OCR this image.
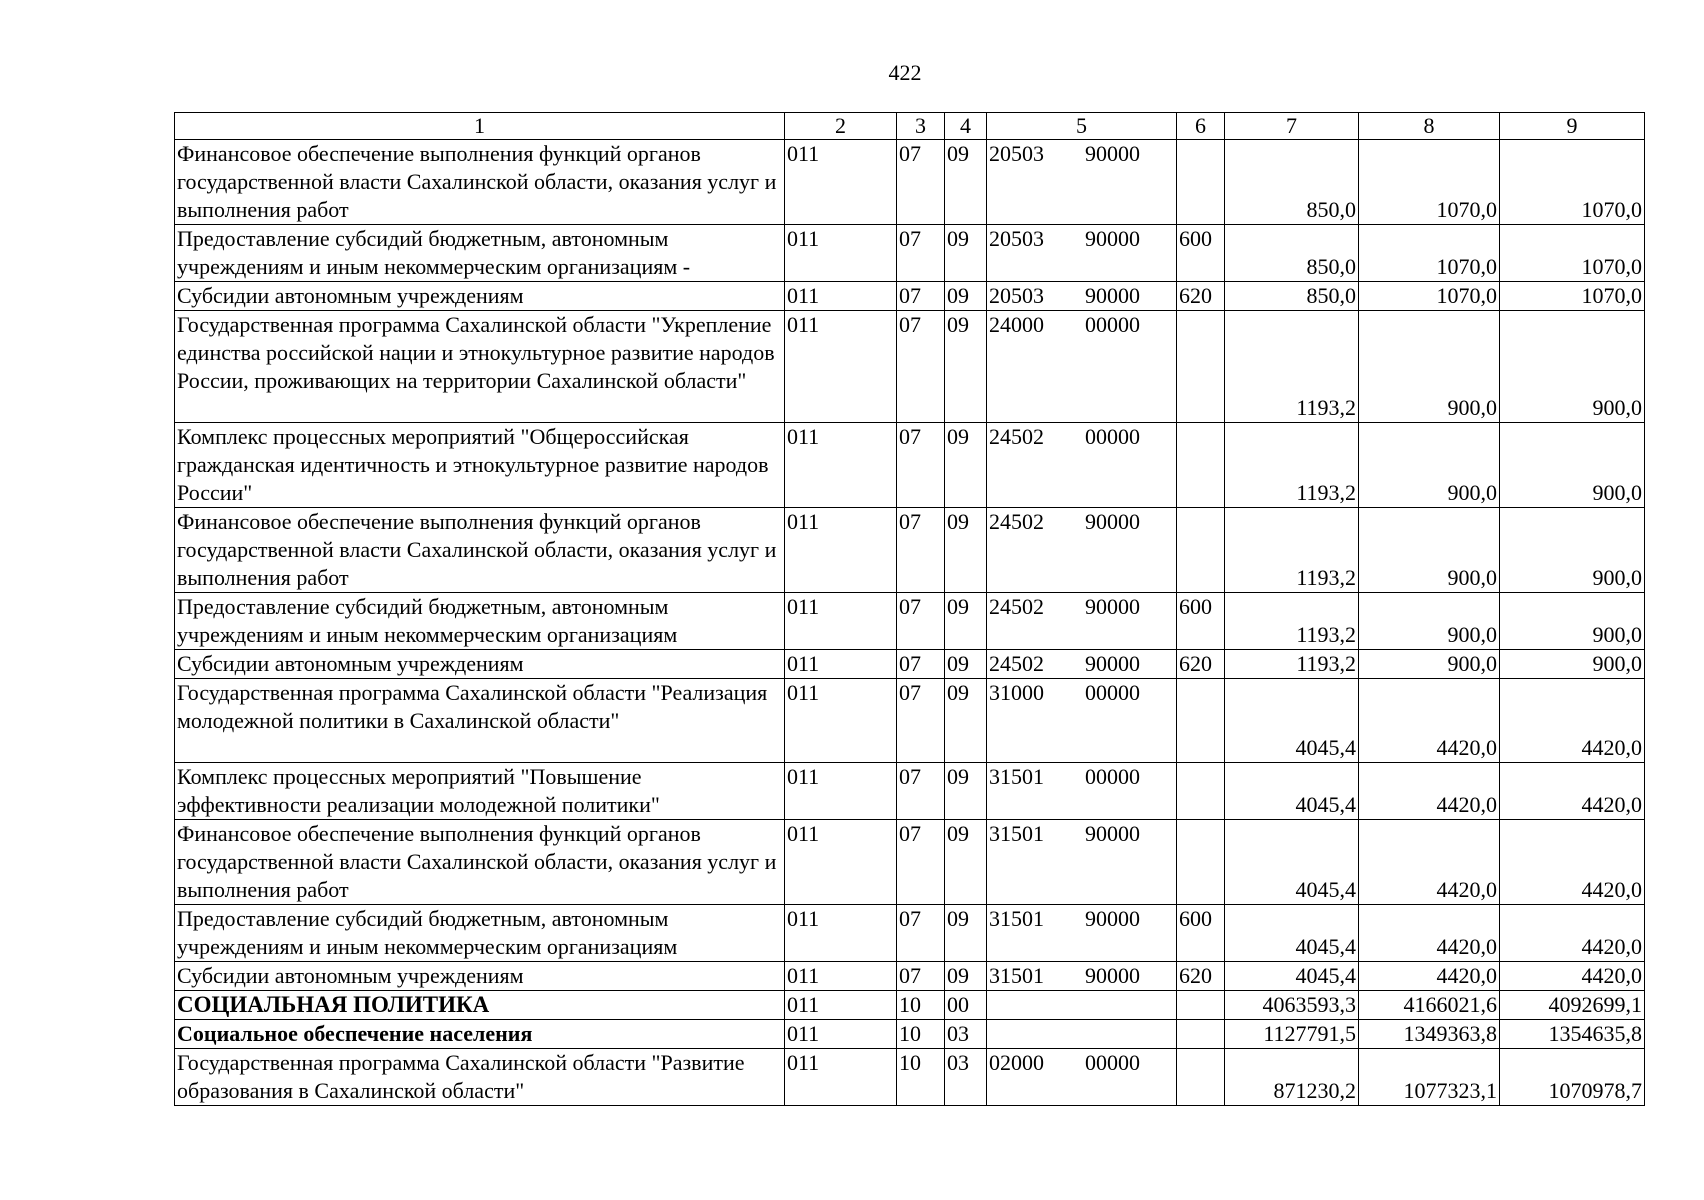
422
1	2	3	4	5	6	7	8	9
Финансовое обеспечение выполнения функций органов государственной власти Сахалинской области, оказания услуг и выполнения работ	011	07	09	20503 90000		850,0	1070,0	1070,0
Предоставление субсидий бюджетным, автономным учреждениям и иным некоммерческим организациям -	011	07	09	20503 90000	600	850,0	1070,0	1070,0
Субсидии автономным учреждениям	011	07	09	20503 90000	620	850,0	1070,0	1070,0
Государственная программа Сахалинской области "Укрепление единства российской нации и этнокультурное развитие народов России, проживающих на территории Сахалинской области"	011	07	09	24000 00000		1193,2	900,0	900,0
Комплекс процессных мероприятий "Общероссийская гражданская идентичность и этнокультурное развитие народов России"	011	07	09	24502 00000		1193,2	900,0	900,0
Финансовое обеспечение выполнения функций органов государственной власти Сахалинской области, оказания услуг и выполнения работ	011	07	09	24502 90000		1193,2	900,0	900,0
Предоставление субсидий бюджетным, автономным учреждениям и иным некоммерческим организациям	011	07	09	24502 90000	600	1193,2	900,0	900,0
Субсидии автономным учреждениям	011	07	09	24502 90000	620	1193,2	900,0	900,0
Государственная программа Сахалинской области "Реализация молодежной политики в Сахалинской области"	011	07	09	31000 00000		4045,4	4420,0	4420,0
Комплекс процессных мероприятий "Повышение эффективности реализации молодежной политики"	011	07	09	31501 00000		4045,4	4420,0	4420,0
Финансовое обеспечение выполнения функций органов государственной власти Сахалинской области, оказания услуг и выполнения работ	011	07	09	31501 90000		4045,4	4420,0	4420,0
Предоставление субсидий бюджетным, автономным учреждениям и иным некоммерческим организациям	011	07	09	31501 90000	600	4045,4	4420,0	4420,0
Субсидии автономным учреждениям	011	07	09	31501 90000	620	4045,4	4420,0	4420,0
СОЦИАЛЬНАЯ ПОЛИТИКА	011	10	00			4063593,3	4166021,6	4092699,1
Социальное обеспечение населения	011	10	03			1127791,5	1349363,8	1354635,8
Государственная программа Сахалинской области "Развитие образования в Сахалинской области"	011	10	03	02000 00000		871230,2	1077323,1	1070978,7
